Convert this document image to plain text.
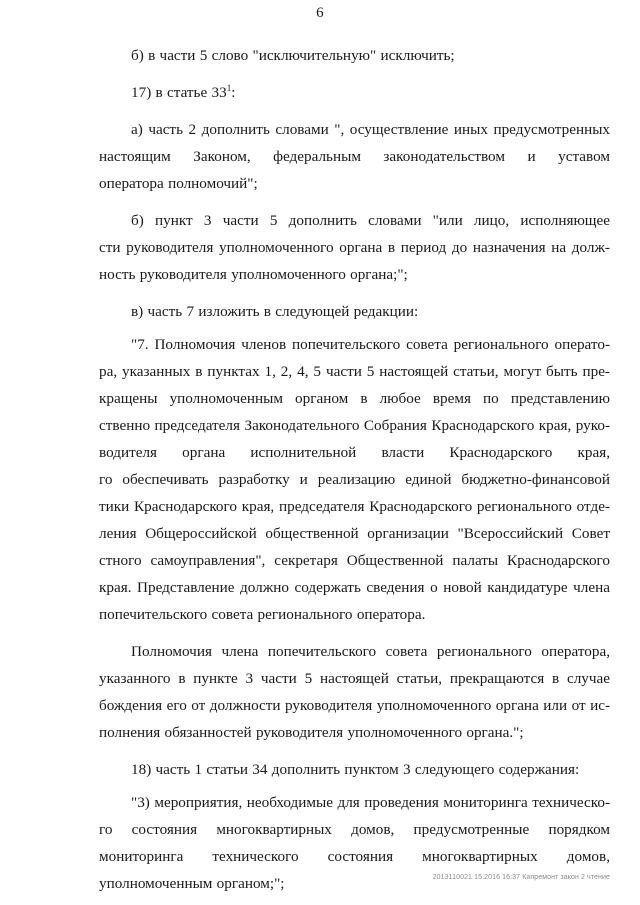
6
б) в части 5 слово "исключительную" исключить;
17) в статье $33^1$:
а) часть 2 дополнить словами ", осуществление иных предусмотренных
настоящим Законом, федеральным законодательством и уставом
оператора полномочий";
б) пункт 3 части 5 дополнить словами "или лицо, исполняющее
сти руководителя уполномоченного органа в период до назначения на долж-
ность руководителя уполномоченного органа;";
в) часть 7 изложить в следующей редакции:
"7. Полномочия членов попечительского совета регионального операто-
ра, указанных в пунктах 1, 2, 4, 5 части 5 настоящей статьи, могут быть пре-
кращены уполномоченным органом в любое время по представлению
ственно председателя Законодательного Собрания Краснодарского края, руко-
водителя органа исполнительной власти Краснодарского края,
го обеспечивать разработку и реализацию единой бюджетно-финансовой
тики Краснодарского края, председателя Краснодарского регионального отде-
ления Общероссийской общественной организации "Всероссийский Совет
стного самоуправления", секретаря Общественной палаты Краснодарского
края. Представление должно содержать сведения о новой кандидатуре члена
попечительского совета регионального оператора.
Полномочия члена попечительского совета регионального оператора,
указанного в пункте 3 части 5 настоящей статьи, прекращаются в случае
бождения его от должности руководителя уполномоченного органа или от ис-
полнения обязанностей руководителя уполномоченного органа.";
18) часть 1 статьи 34 дополнить пунктом 3 следующего содержания:
"3) мероприятия, необходимые для проведения мониторинга техническо-
го состояния многоквартирных домов, предусмотренные порядком
мониторинга технического состояния многоквартирных домов,
уполномоченным органом;";	2013110021 15.2016 16:37 Капремонт закон 2 чтение
